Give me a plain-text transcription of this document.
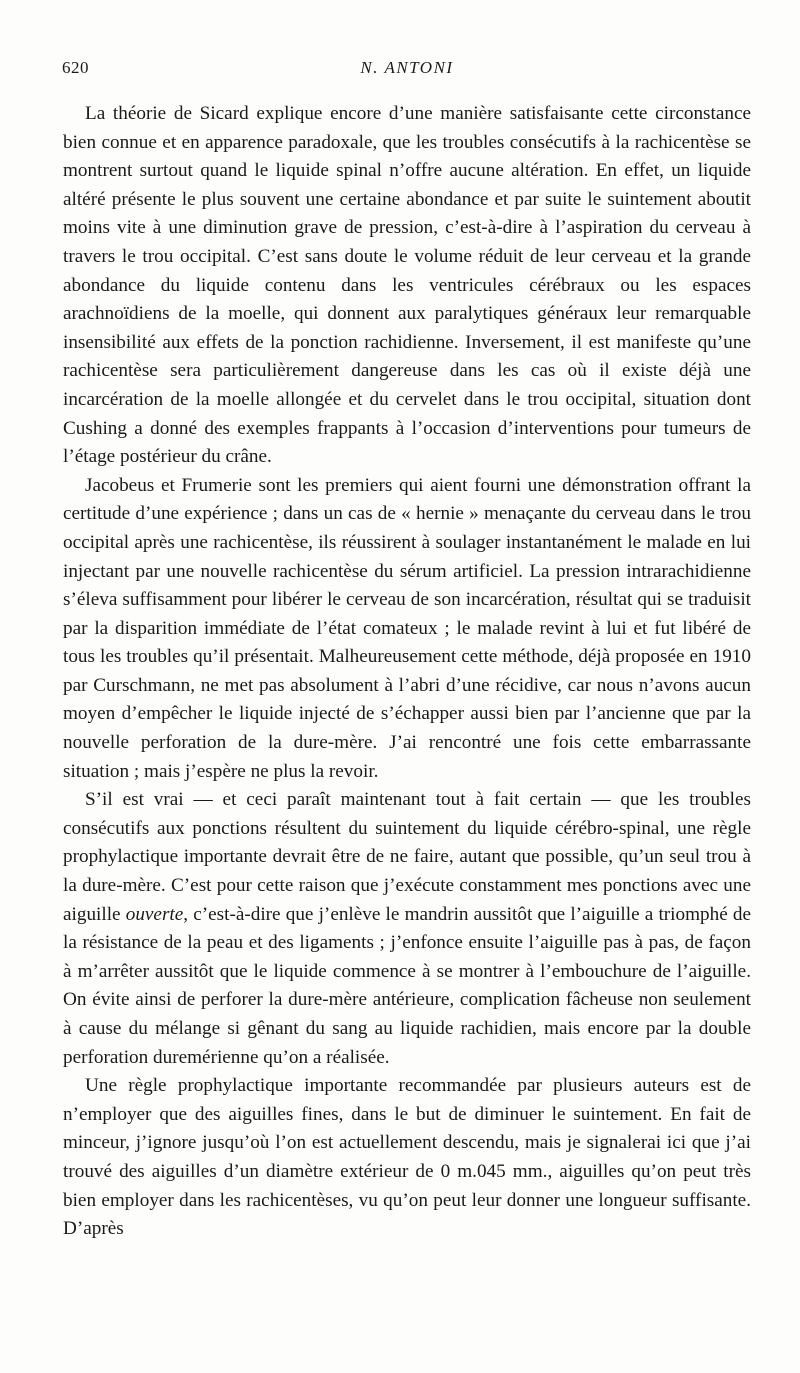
620	N. ANTONI

La théorie de Sicard explique encore d’une manière satisfaisante cette circonstance bien connue et en apparence paradoxale, que les troubles consécutifs à la rachicentèse se montrent surtout quand le liquide spinal n’offre aucune altération. En effet, un liquide altéré présente le plus souvent une certaine abondance et par suite le suintement aboutit moins vite à une diminution grave de pression, c’est-à-dire à l’aspiration du cerveau à travers le trou occipital. C’est sans doute le volume réduit de leur cerveau et la grande abondance du liquide contenu dans les ventricules cérébraux ou les espaces arachnoïdiens de la moelle, qui donnent aux paralytiques généraux leur remarquable insensibilité aux effets de la ponction rachidienne. Inversement, il est manifeste qu’une rachicentèse sera particulièrement dangereuse dans les cas où il existe déjà une incarcération de la moelle allongée et du cervelet dans le trou occipital, situation dont Cushing a donné des exemples frappants à l’occasion d’interventions pour tumeurs de l’étage postérieur du crâne.

Jacobeus et Frumerie sont les premiers qui aient fourni une démonstration offrant la certitude d’une expérience ; dans un cas de « hernie » menaçante du cerveau dans le trou occipital après une rachicentèse, ils réussirent à soulager instantanément le malade en lui injectant par une nouvelle rachicentèse du sérum artificiel. La pression intrarachidienne s’éleva suffisamment pour libérer le cerveau de son incarcération, résultat qui se traduisit par la disparition immédiate de l’état comateux ; le malade revint à lui et fut libéré de tous les troubles qu’il présentait. Malheureusement cette méthode, déjà proposée en 1910 par Curschmann, ne met pas absolument à l’abri d’une récidive, car nous n’avons aucun moyen d’empêcher le liquide injecté de s’échapper aussi bien par l’ancienne que par la nouvelle perforation de la dure-mère. J’ai rencontré une fois cette embarrassante situation ; mais j’espère ne plus la revoir.

S’il est vrai — et ceci paraît maintenant tout à fait certain — que les troubles consécutifs aux ponctions résultent du suintement du liquide cérébro-spinal, une règle prophylactique importante devrait être de ne faire, autant que possible, qu’un seul trou à la dure-mère. C’est pour cette raison que j’exécute constamment mes ponctions avec une aiguille ouverte, c’est-à-dire que j’enlève le mandrin aussitôt que l’aiguille a triomphé de la résistance de la peau et des ligaments ; j’enfonce ensuite l’aiguille pas à pas, de façon à m’arrêter aussitôt que le liquide commence à se montrer à l’embouchure de l’aiguille. On évite ainsi de perforer la dure-mère antérieure, complication fâcheuse non seulement à cause du mélange si gênant du sang au liquide rachidien, mais encore par la double perforation duremérienne qu’on a réalisée.

Une règle prophylactique importante recommandée par plusieurs auteurs est de n’employer que des aiguilles fines, dans le but de diminuer le suintement. En fait de minceur, j’ignore jusqu’où l’on est actuellement descendu, mais je signalerai ici que j’ai trouvé des aiguilles d’un diamètre extérieur de 0 m.045 mm., aiguilles qu’on peut très bien employer dans les rachicentèses, vu qu’on peut leur donner une longueur suffisante. D’après
